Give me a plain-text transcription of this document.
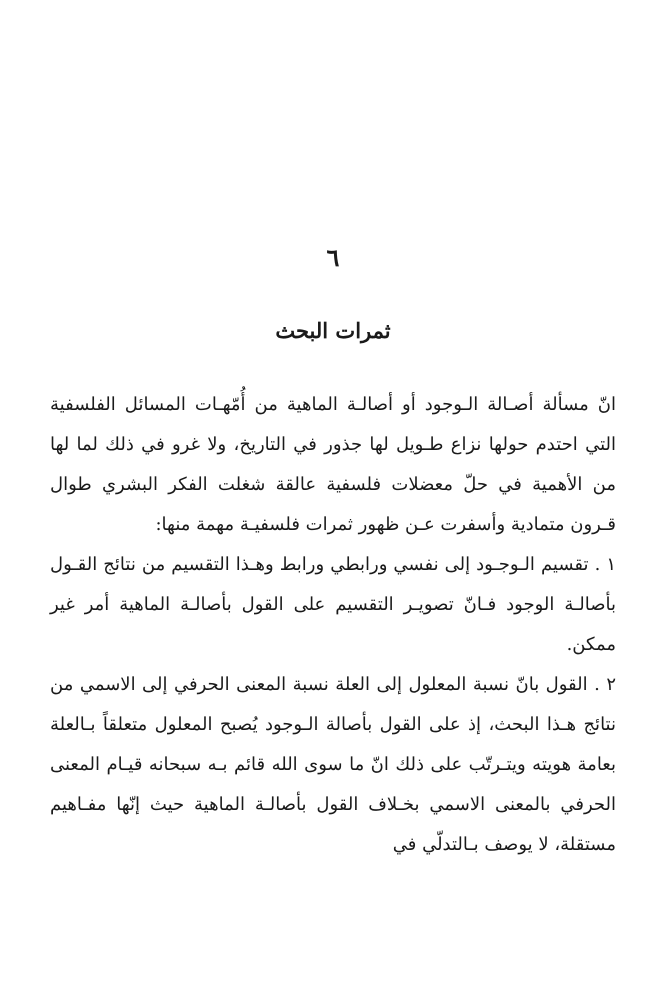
٦
ثمرات البحث

انّ مسألة أصـالة الـوجود أو أصالـة الماهية من أُمّهـات المسائل الفلسفية التي احتدم حولها نزاع طـويل لها جذور في التاريخ، ولا غرو في ذلك لما لها من الأهمية في حلّ معضلات فلسفية عالقة شغلت الفكر البشري طوال قـرون متمادية وأسفرت عـن ظهور ثمرات فلسفيـة مهمة منها:

١ . تقسيم الـوجـود إلى نفسي ورابطي ورابط وهـذا التقسيم من نتائج القـول بأصالـة الوجود فـانّ تصويـر التقسيم على القول بأصالـة الماهية أمر غير ممكن.

٢ . القول بانّ نسبة المعلول إلى العلة نسبة المعنى الحرفي إلى الاسمي من نتائج هـذا البحث، إذ على القول بأصالة الـوجود يُصبح المعلول متعلقاً بـالعلة بعامة هويته ويتـرتّب على ذلك انّ ما سوى الله قائم بـه سبحانه قيـام المعنى الحرفي بالمعنى الاسمي بخـلاف القول بأصالـة الماهية حيث إنّها مفـاهيم مستقلة، لا يوصف بـالتدلّي في
